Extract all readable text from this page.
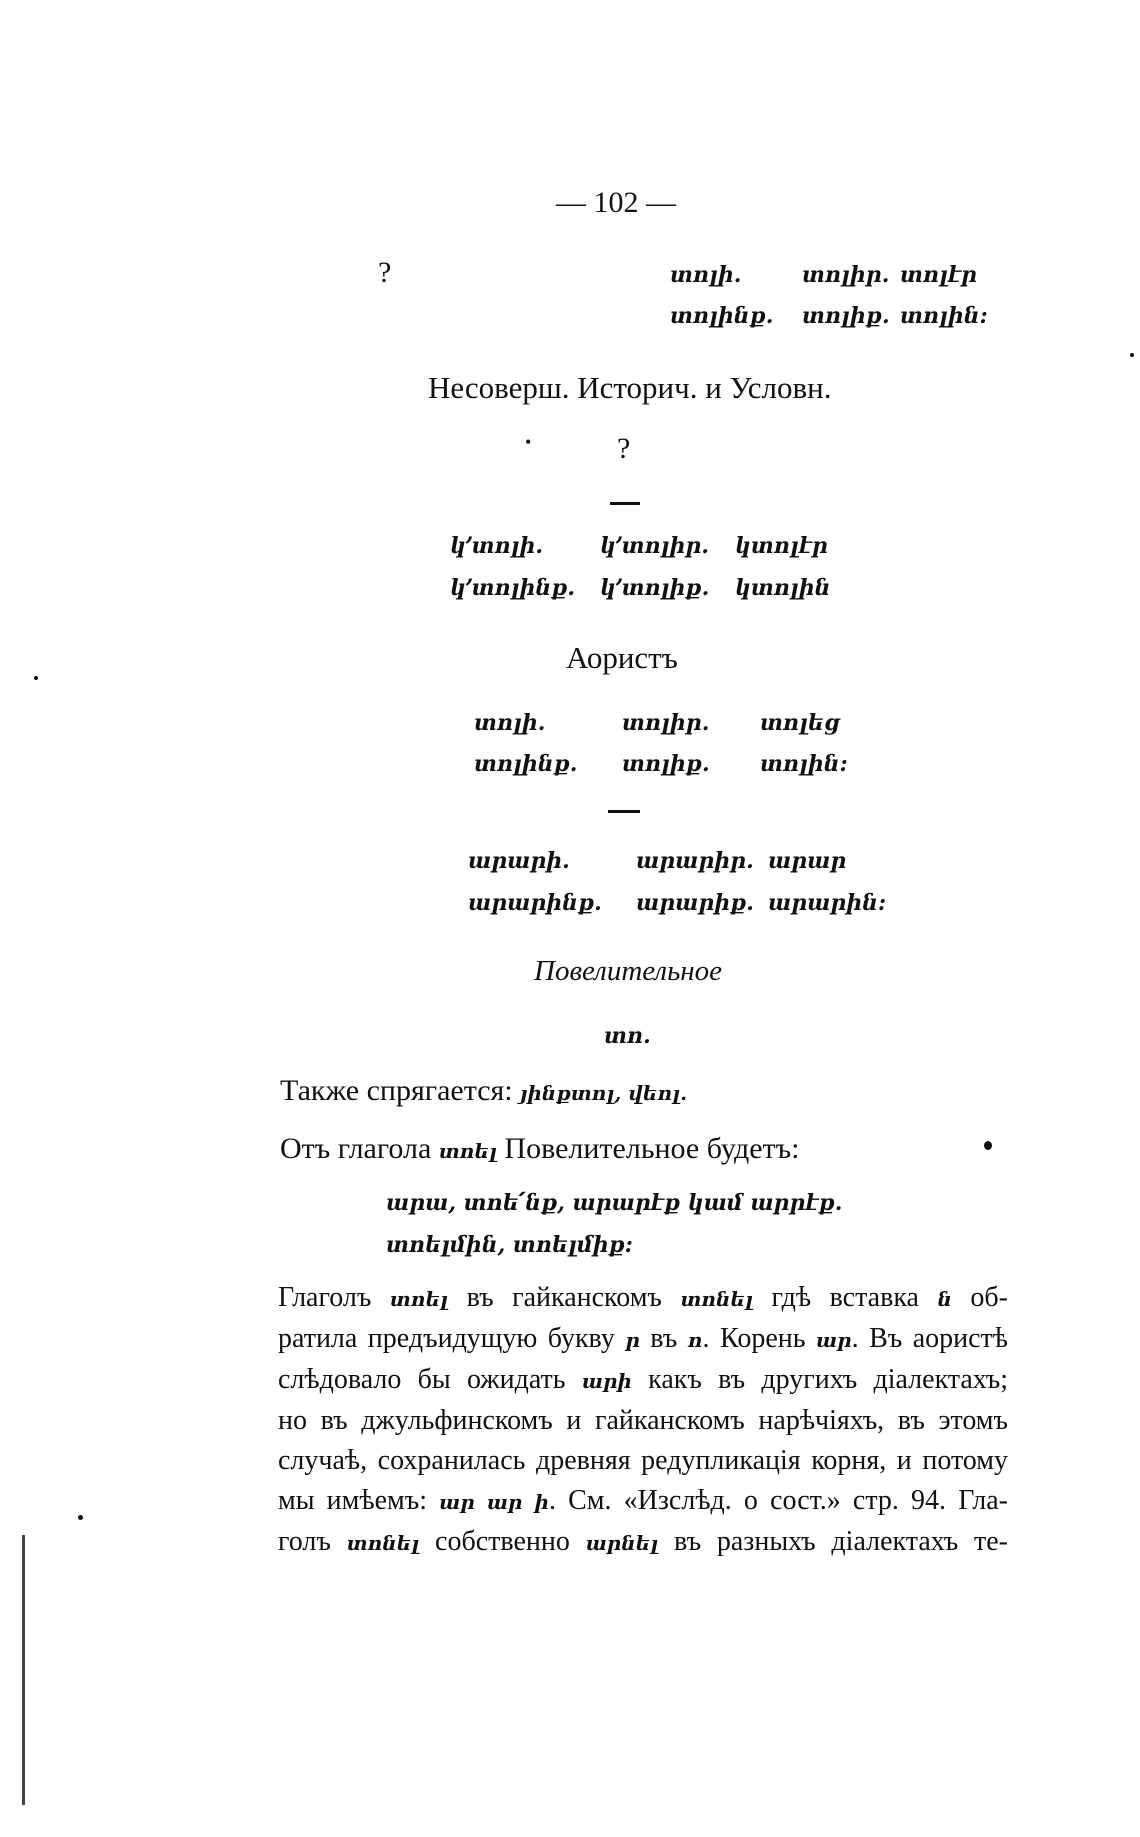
— 102 —
?	տոլի.	տոլիր. տոլէր
տոլինք. տոլիք. տոլին:
Несоверш. Историч. и Условн.
•	?
կ՚տոլի.	կ՚տոլիր. կտոլէր
կ՚տոլինք. կ՚տոլիք. կտոլին
Аористъ
տոլի.	տոլիր. տոլեց
տոլինք. տոլիք. տոլին:
արարի.	արարիր. արար
արարինք. արարիք. արարին:
Повелительное
տո.
Также спрягается: յինքտոլ, վեոլ.
Отъ глагола տոել Повелительное будетъ:
արա, տոե՛նք, արարէք կամ արրէք.
տոելմին, տոելմիք:

Глаголъ տոել въ гайканскомъ տոնել гдѣ вставка ն об-

ратила предъидущую букву ր въ ո. Корень ար. Въ аористѣ

слѣдовало бы ожидать արի какъ въ другихъ діалектахъ;

но въ джульфинскомъ и гайканскомъ нарѣчіяхъ, въ этомъ

случаѣ, сохранилась древняя редупликація корня, и потому

мы имѣемъ: ար ար ի. См. «Изслѣд. о сост.» стр. 94. Гла-

голъ տոնել собственно արնել въ разныхъ діалектахъ те-
